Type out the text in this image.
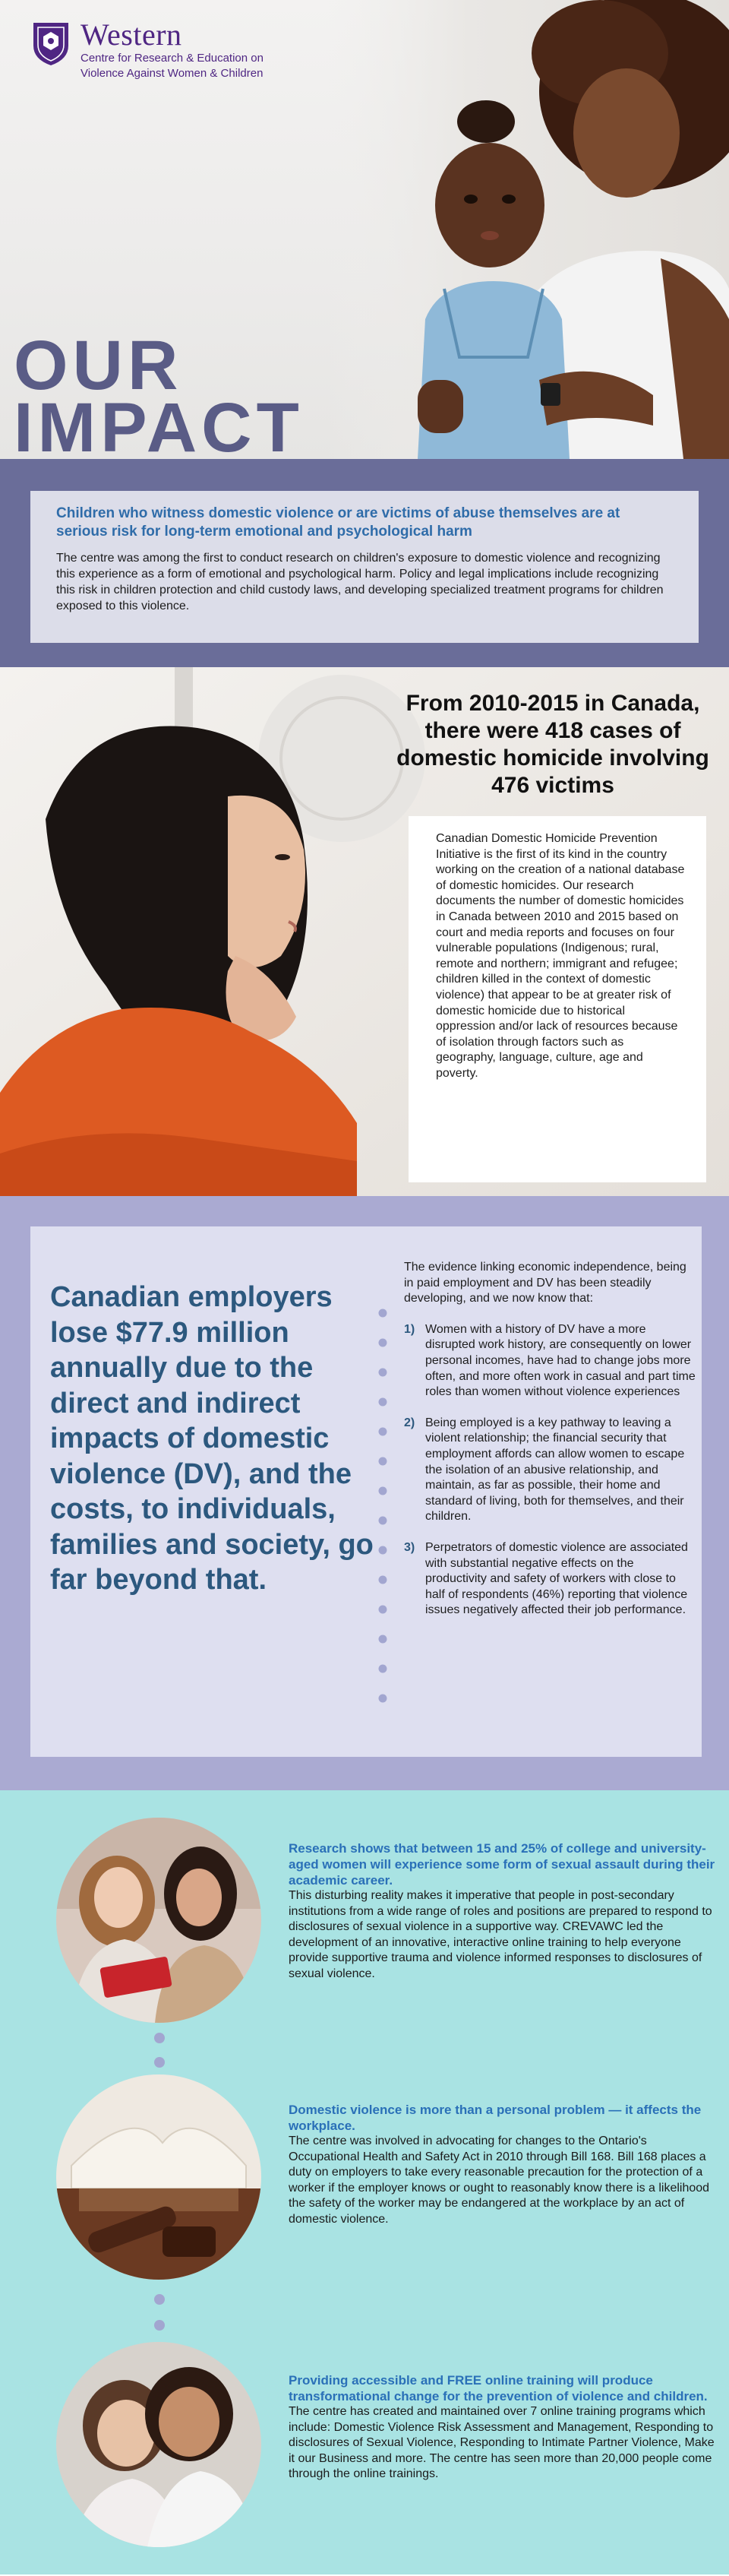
Western
Centre for Research & Education on
Violence Against Women & Children
OUR
IMPACT

Children who witness domestic violence or are victims of abuse themselves are at serious risk for long-term emotional and psychological harm

The centre was among the first to conduct research on children's exposure to domestic violence and recognizing this experience as a form of emotional and psychological harm. Policy and legal implications include recognizing this risk in children protection and child custody laws, and developing specialized treatment programs for children exposed to this violence.

From 2010-2015 in Canada, there were 418 cases of domestic homicide involving 476 victims

Canadian Domestic Homicide Prevention Initiative is the first of its kind in the country working on the creation of a national database of domestic homicides. Our research documents the number of domestic homicides in Canada between 2010 and 2015 based on court and media reports and focuses on four vulnerable populations (Indigenous; rural, remote and northern; immigrant and refugee; children killed in the context of domestic violence) that appear to be at greater risk of domestic homicide due to historical oppression and/or lack of resources because of isolation through factors such as geography, language, culture, age and poverty.

Canadian employers lose $77.9 million annually due to the direct and indirect impacts of domestic violence (DV), and the costs, to individuals, families and society, go far beyond that.

The evidence linking economic independence, being in paid employment and DV has been steadily developing, and we now know that:

1) Women with a history of DV have a more disrupted work history, are consequently on lower personal incomes, have had to change jobs more often, and more often work in casual and part time roles than women without violence experiences
2) Being employed is a key pathway to leaving a violent relationship; the financial security that employment affords can allow women to escape the isolation of an abusive relationship, and maintain, as far as possible, their home and standard of living, both for themselves, and their children.
3) Perpetrators of domestic violence are associated with substantial negative effects on the productivity and safety of workers with close to half of respondents (46%) reporting that violence issues negatively affected their job performance.

Research shows that between 15 and 25% of college and university-aged women will experience some form of sexual assault during their academic career.

This disturbing reality makes it imperative that people in post-secondary institutions from a wide range of roles and positions are prepared to respond to disclosures of sexual violence in a supportive way. CREVAWC led the development of an innovative, interactive online training to help everyone provide supportive trauma and violence informed responses to disclosures of sexual violence.

Domestic violence is more than a personal problem — it affects the workplace.

The centre was involved in advocating for changes to the Ontario's Occupational Health and Safety Act in 2010 through Bill 168. Bill 168 places a duty on employers to take every reasonable precaution for the protection of a worker if the employer knows or ought to reasonably know there is a likelihood the safety of the worker may be endangered at the workplace by an act of domestic violence.

Providing accessible and FREE online training will produce transformational change for the prevention of violence and children.

The centre has created and maintained over 7 online training programs which include: Domestic Violence Risk Assessment and Management, Responding to disclosures of Sexual Violence, Responding to Intimate Partner Violence, Make it our Business and more. The centre has seen more than 20,000 people come through the online trainings.
